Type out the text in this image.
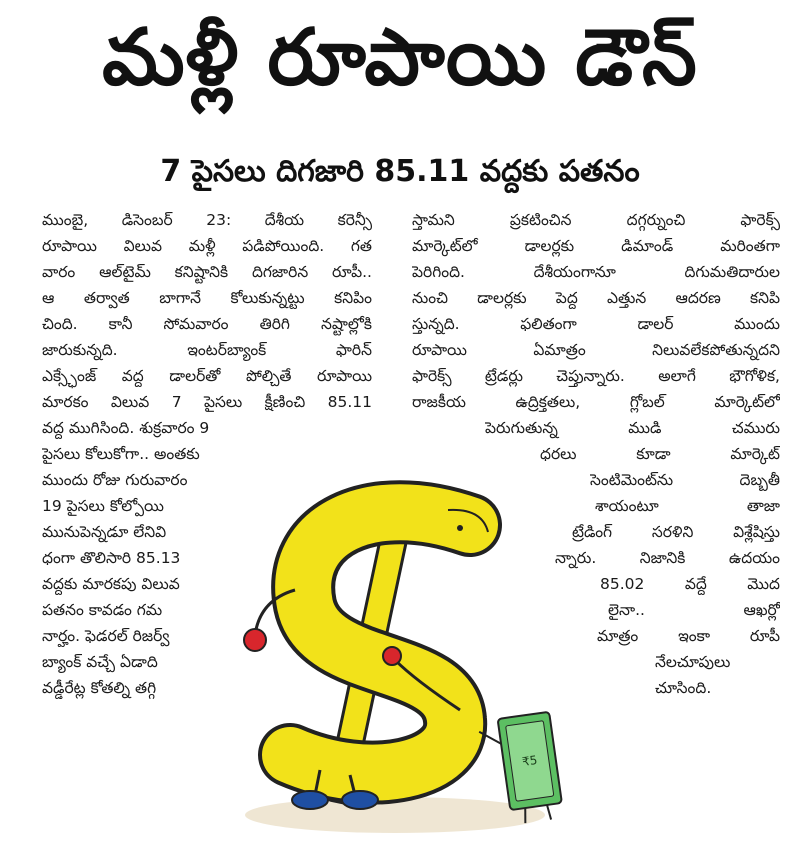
మళ్లీ రూపాయి డౌన్
7 పైసలు దిగజారి 85.11 వద్దకు పతనం
ముంబై, డిసెంబర్ 23: దేశీయ కరెన్సీ
రూపాయి విలువ మళ్లీ పడిపోయింది. గత
వారం ఆల్‌టైమ్ కనిష్టానికి దిగజారిన రూపీ..
ఆ తర్వాత బాగానే కోలుకున్నట్టు కనిపిం
చింది. కానీ సోమవారం తిరిగి నష్టాల్లోకి
జారుకున్నది. ఇంటర్‌బ్యాంక్ ఫారిన్
ఎక్స్ఛేంజ్ వద్ద డాలర్‌తో పోల్చితే రూపాయి
మారకం విలువ 7 పైసలు క్షీణించి 85.11
వద్ద ముగిసింది. శుక్రవారం 9
పైసలు కోలుకోగా.. అంతకు
ముందు రోజు గురువారం
19 పైసలు కోల్పోయి
మునుపెన్నడూ లేనివి
ధంగా తొలిసారి 85.13
వద్దకు మారకపు విలువ
పతనం కావడం గమ
నార్హం. ఫెడరల్ రిజర్వ్
బ్యాంక్ వచ్చే ఏడాది
వడ్డీరేట్ల కోతల్ని తగ్గి
స్తామని ప్రకటించిన దగ్గర్నుంచి ఫారెక్స్
మార్కెట్‌లో డాలర్లకు డిమాండ్ మరింతగా
పెరిగింది. దేశీయంగానూ దిగుమతిదారుల
నుంచి డాలర్లకు పెద్ద ఎత్తున ఆదరణ కనిపి
స్తున్నది. ఫలితంగా డాలర్ ముందు
రూపాయి ఏమాత్రం నిలువలేకపోతున్నదని
ఫారెక్స్ ట్రేడర్లు చెప్తున్నారు. అలాగే భౌగోళిక,
రాజకీయ ఉద్రిక్తతలు, గ్లోబల్ మార్కెట్‌లో
పెరుగుతున్న ముడి చమురు
ధరలు కూడా మార్కెట్
సెంటిమెంట్‌ను దెబ్బతీ
శాయంటూ తాజా
ట్రేడింగ్ సరళిని విశ్లేషిస్తు
న్నారు. నిజానికి ఉదయం
85.02 వద్దే మొద
లైనా.. ఆఖర్లో
మాత్రం ఇంకా రూపీ
నేలచూపులు
చూసింది.
₹5
